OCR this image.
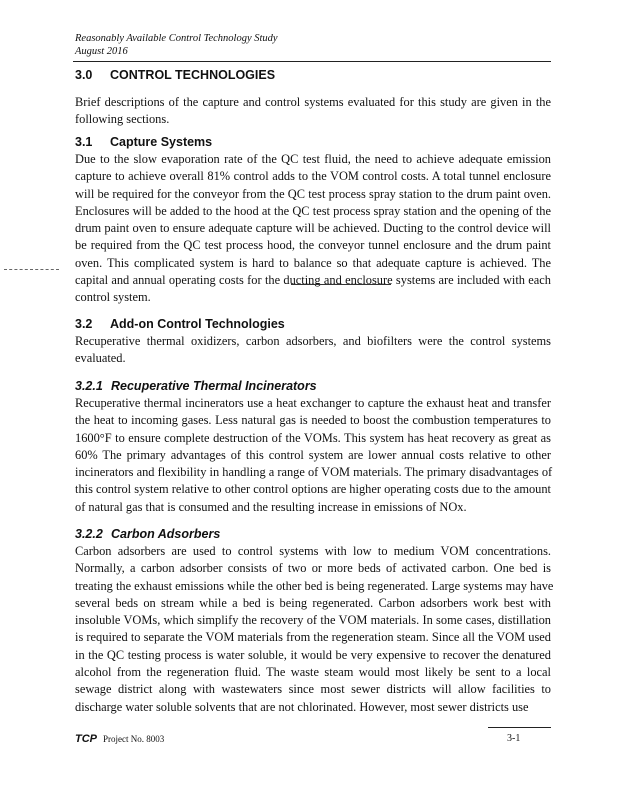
Reasonably Available Control Technology Study
August 2016
3.0 CONTROL TECHNOLOGIES
Brief descriptions of the capture and control systems evaluated for this study are given in the
following sections.
3.1 Capture Systems
Due to the slow evaporation rate of the QC test fluid, the need to achieve adequate emission
capture to achieve overall 81% control adds to the VOM control costs. A total tunnel enclosure
will be required for the conveyor from the QC test process spray station to the drum paint oven.
Enclosures will be added to the hood at the QC test process spray station and the opening of the
drum paint oven to ensure adequate capture will be achieved. Ducting to the control device will
be required from the QC test process hood, the conveyor tunnel enclosure and the drum paint
oven. This complicated system is hard to balance so that adequate capture is achieved. The
capital and annual operating costs for the ducting and enclosure systems are included with each
control system.
3.2 Add-on Control Technologies
Recuperative thermal oxidizers, carbon adsorbers, and biofilters were the control systems
evaluated.
3.2.1 Recuperative Thermal Incinerators
Recuperative thermal incinerators use a heat exchanger to capture the exhaust heat and transfer
the heat to incoming gases. Less natural gas is needed to boost the combustion temperatures to
1600°F to ensure complete destruction of the VOMs. This system has heat recovery as great as
60% The primary advantages of this control system are lower annual costs relative to other
incinerators and flexibility in handling a range of VOM materials. The primary disadvantages of
this control system relative to other control options are higher operating costs due to the amount
of natural gas that is consumed and the resulting increase in emissions of NOx.
3.2.2 Carbon Adsorbers
Carbon adsorbers are used to control systems with low to medium VOM concentrations.
Normally, a carbon adsorber consists of two or more beds of activated carbon. One bed is
treating the exhaust emissions while the other bed is being regenerated. Large systems may have
several beds on stream while a bed is being regenerated. Carbon adsorbers work best with
insoluble VOMs, which simplify the recovery of the VOM materials. In some cases, distillation
is required to separate the VOM materials from the regeneration steam. Since all the VOM used
in the QC testing process is water soluble, it would be very expensive to recover the denatured
alcohol from the regeneration fluid. The waste steam would most likely be sent to a local
sewage district along with wastewaters since most sewer districts will allow facilities to
discharge water soluble solvents that are not chlorinated. However, most sewer districts use
TCP Project No. 8003	3-1
